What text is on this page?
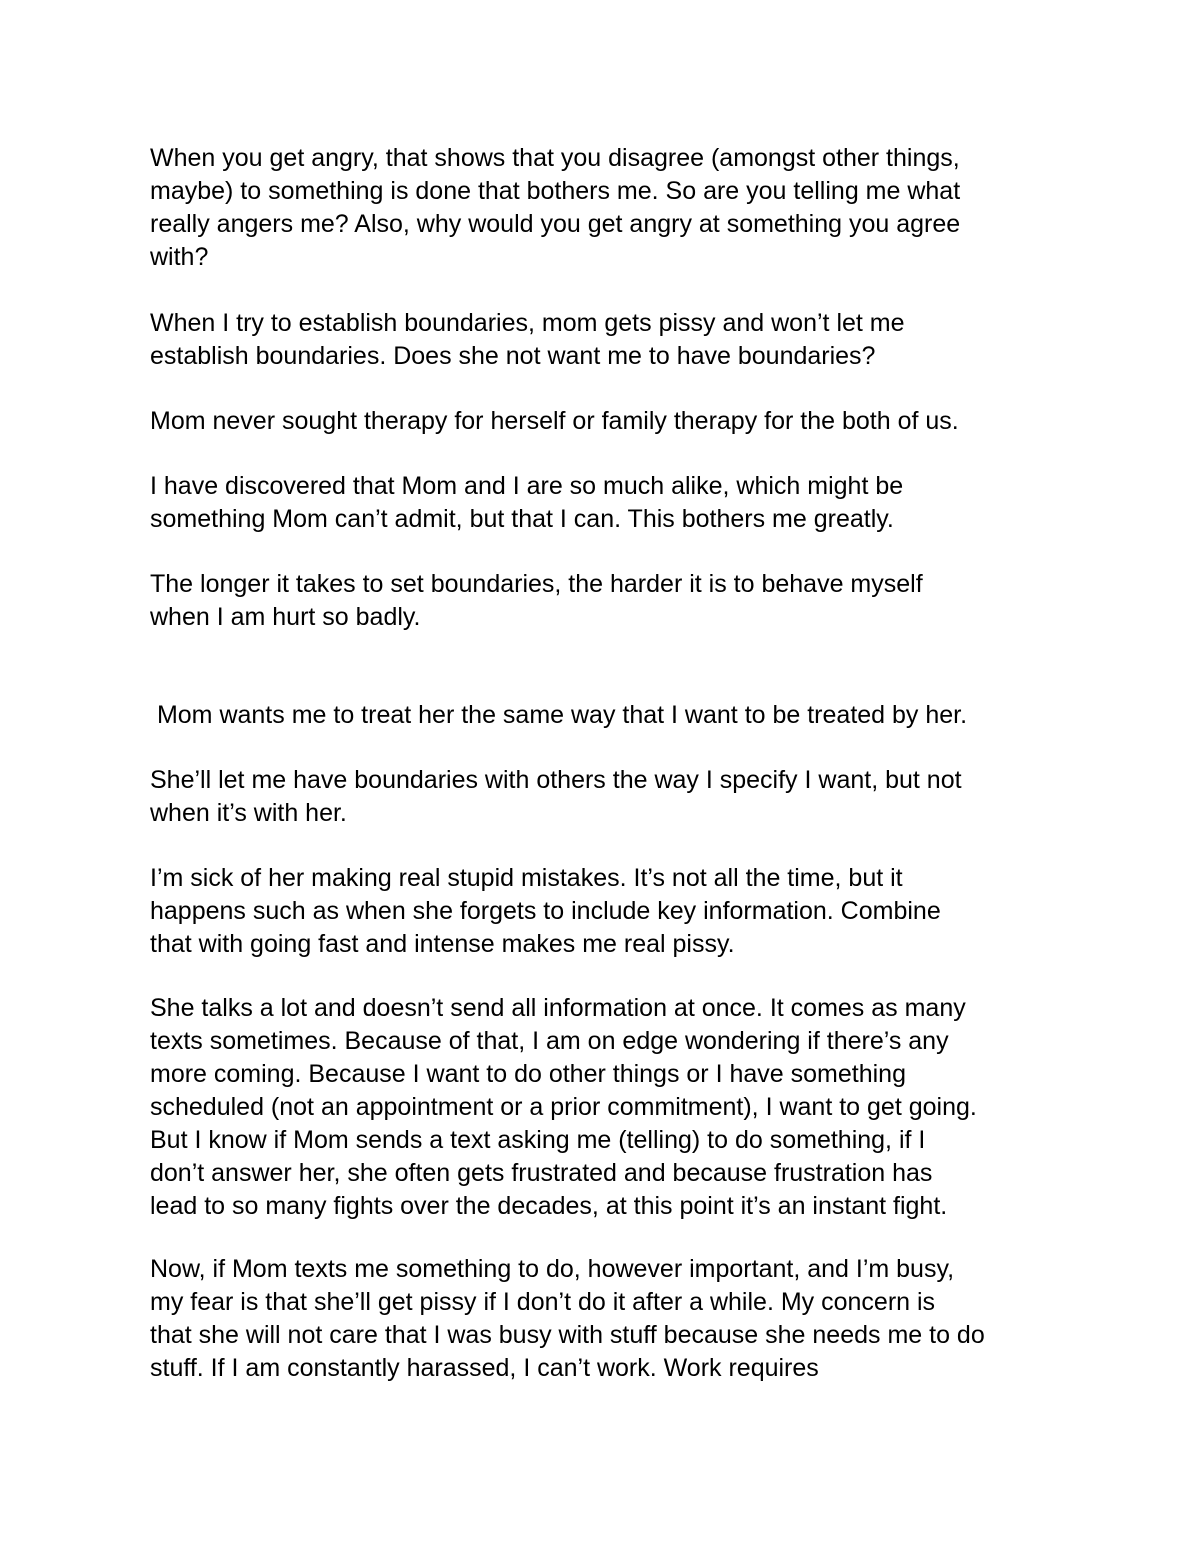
When you get angry, that shows that you disagree (amongst other things,
maybe) to something is done that bothers me. So are you telling me what
really angers me? Also, why would you get angry at something you agree
with?
When I try to establish boundaries, mom gets pissy and won’t let me
establish boundaries. Does she not want me to have boundaries?
Mom never sought therapy for herself or family therapy for the both of us.
I have discovered that Mom and I are so much alike, which might be
something Mom can’t admit, but that I can. This bothers me greatly.
The longer it takes to set boundaries, the harder it is to behave myself
when I am hurt so badly.
Mom wants me to treat her the same way that I want to be treated by her.
She’ll let me have boundaries with others the way I specify I want, but not
when it’s with her.
I’m sick of her making real stupid mistakes. It’s not all the time, but it
happens such as when she forgets to include key information. Combine
that with going fast and intense makes me real pissy.
She talks a lot and doesn’t send all information at once. It comes as many
texts sometimes. Because of that, I am on edge wondering if there’s any
more coming. Because I want to do other things or I have something
scheduled (not an appointment or a prior commitment), I want to get going.
But I know if Mom sends a text asking me (telling) to do something, if I
don’t answer her, she often gets frustrated and because frustration has
lead to so many fights over the decades, at this point it’s an instant fight.
Now, if Mom texts me something to do, however important, and I’m busy,
my fear is that she’ll get pissy if I don’t do it after a while. My concern is
that she will not care that I was busy with stuff because she needs me to do
stuff. If I am constantly harassed, I can’t work. Work requires
